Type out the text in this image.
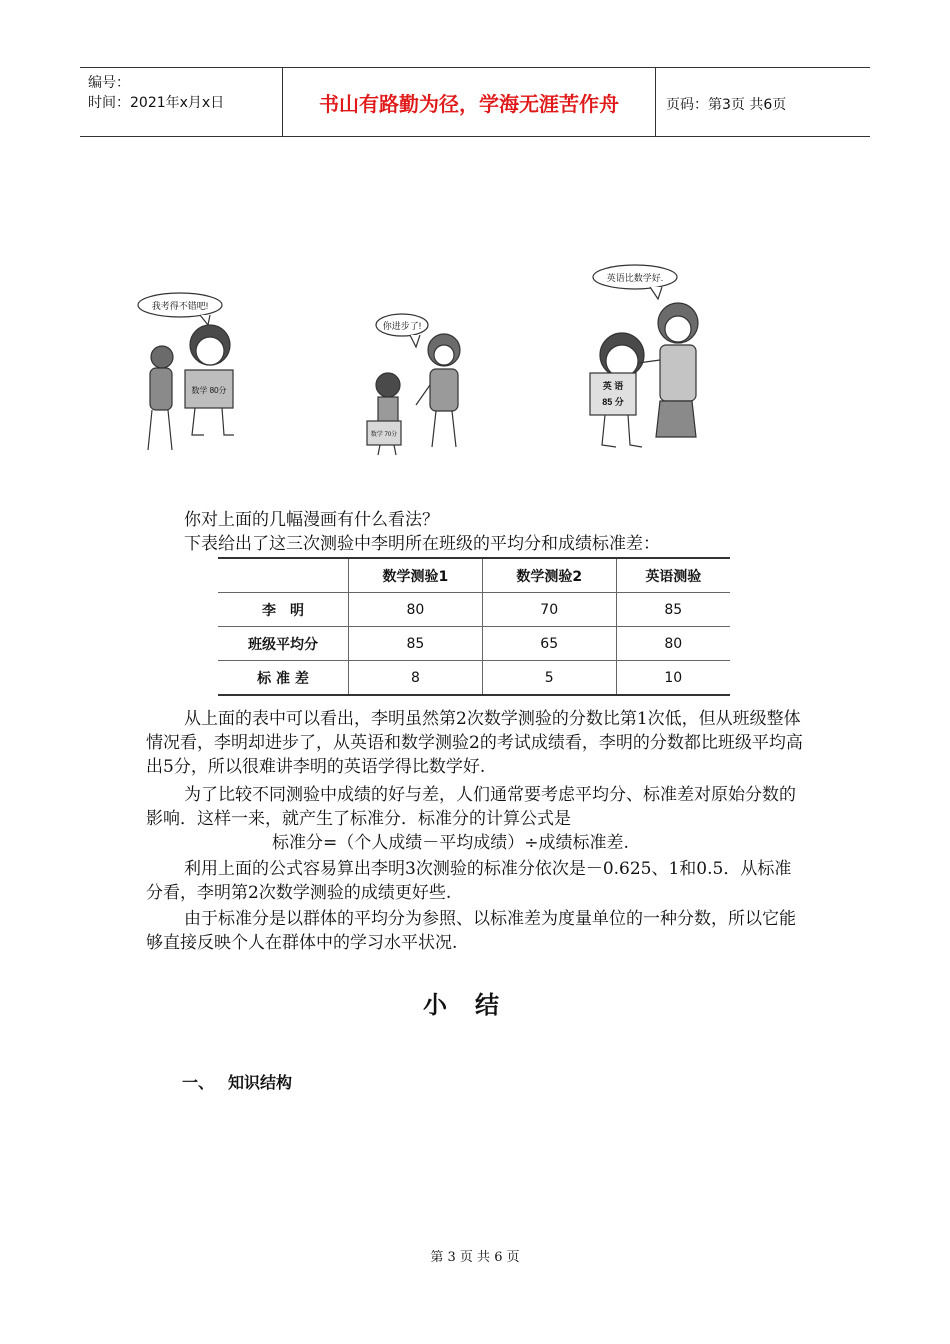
编号：
时间：2021年x月x日	书山有路勤为径，学海无涯苦作舟	页码：第3页 共6页
我考得不错吧!
数学 80分
你进步了!
数学 70分
英语比数学好.
英 语
85 分

你对上面的几幅漫画有什么看法？

下表给出了这三次测验中李明所在班级的平均分和成绩标准差：

	数学测验1	数学测验2	英语测验
李　明	80	70	85
班级平均分	85	65	80
标 准 差	8	5	10

从上面的表中可以看出，李明虽然第2次数学测验的分数比第1次低，但从班级整体情况看，李明却进步了，从英语和数学测验2的考试成绩看，李明的分数都比班级平均高出5分，所以很难讲李明的英语学得比数学好.

为了比较不同测验中成绩的好与差，人们通常要考虑平均分、标准差对原始分数的影响．这样一来，就产生了标准分．标准分的计算公式是

标准分=（个人成绩－平均成绩）÷成绩标准差.

利用上面的公式容易算出李明3次测验的标准分依次是－0.625、1和0.5．从标准分看，李明第2次数学测验的成绩更好些.

由于标准分是以群体的平均分为参照、以标准差为度量单位的一种分数，所以它能够直接反映个人在群体中的学习水平状况.

小结
一、 知识结构
第 3 页 共 6 页
